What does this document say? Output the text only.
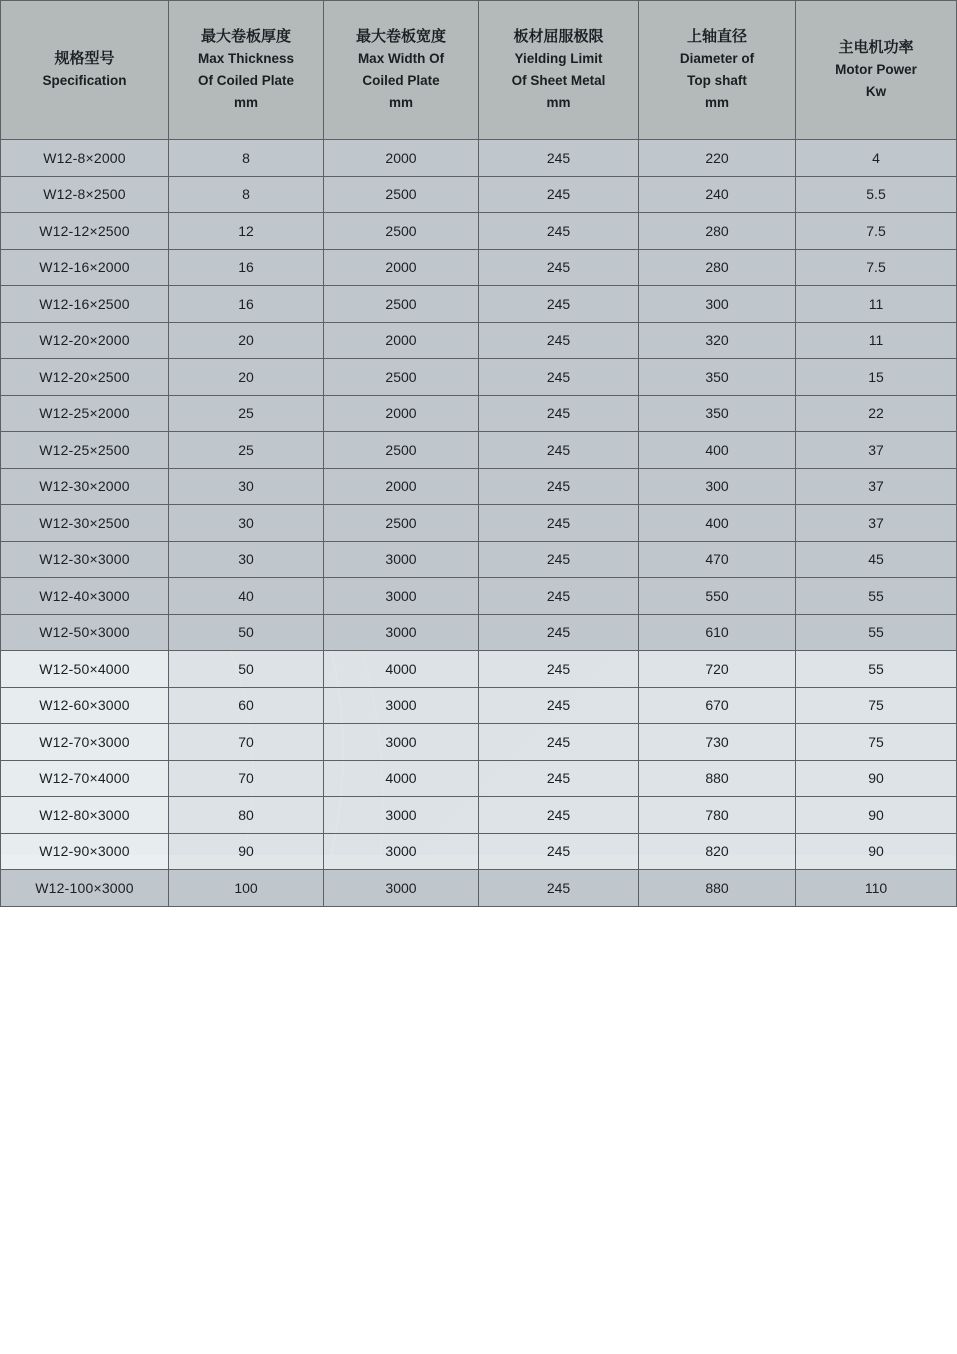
规格型号
Specification	最大卷板厚度
Max Thickness
Of Coiled Plate
mm	最大卷板宽度
Max Width Of
Coiled Plate
mm	板材屈服极限
Yielding Limit
Of Sheet Metal
mm	上轴直径
Diameter of
Top shaft
mm	主电机功率
Motor Power
Kw

W12-8×2000	8	2000	245	220	4
W12-8×2500	8	2500	245	240	5.5
W12-12×2500	12	2500	245	280	7.5
W12-16×2000	16	2000	245	280	7.5
W12-16×2500	16	2500	245	300	11
W12-20×2000	20	2000	245	320	11
W12-20×2500	20	2500	245	350	15
W12-25×2000	25	2000	245	350	22
W12-25×2500	25	2500	245	400	37
W12-30×2000	30	2000	245	300	37
W12-30×2500	30	2500	245	400	37
W12-30×3000	30	3000	245	470	45
W12-40×3000	40	3000	245	550	55
W12-50×3000	50	3000	245	610	55
W12-50×4000	50	4000	245	720	55
W12-60×3000	60	3000	245	670	75
W12-70×3000	70	3000	245	730	75
W12-70×4000	70	4000	245	880	90
W12-80×3000	80	3000	245	780	90
W12-90×3000	90	3000	245	820	90
W12-100×3000	100	3000	245	880	110
